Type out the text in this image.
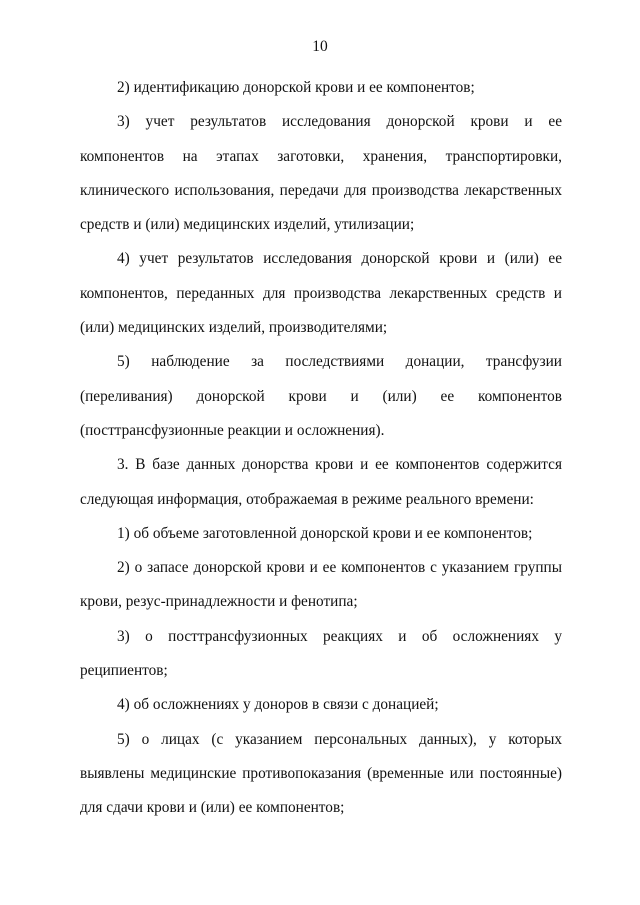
10

2) идентификацию донорской крови и ее компонентов;

3) учет результатов исследования донорской крови и ее компонентов на этапах заготовки, хранения, транспортировки, клинического использования, передачи для производства лекарственных средств и (или) медицинских изделий, утилизации;

4) учет результатов исследования донорской крови и (или) ее компонентов, переданных для производства лекарственных средств и (или) медицинских изделий, производителями;

5) наблюдение за последствиями донации, трансфузии (переливания) донорской крови и (или) ее компонентов (посттрансфузионные реакции и осложнения).

3. В базе данных донорства крови и ее компонентов содержится следующая информация, отображаемая в режиме реального времени:

1) об объеме заготовленной донорской крови и ее компонентов;

2) о запасе донорской крови и ее компонентов с указанием группы крови, резус-принадлежности и фенотипа;

3) о посттрансфузионных реакциях и об осложнениях у реципиентов;

4) об осложнениях у доноров в связи с донацией;

5) о лицах (с указанием персональных данных), у которых выявлены медицинские противопоказания (временные или постоянные) для сдачи крови и (или) ее компонентов;
